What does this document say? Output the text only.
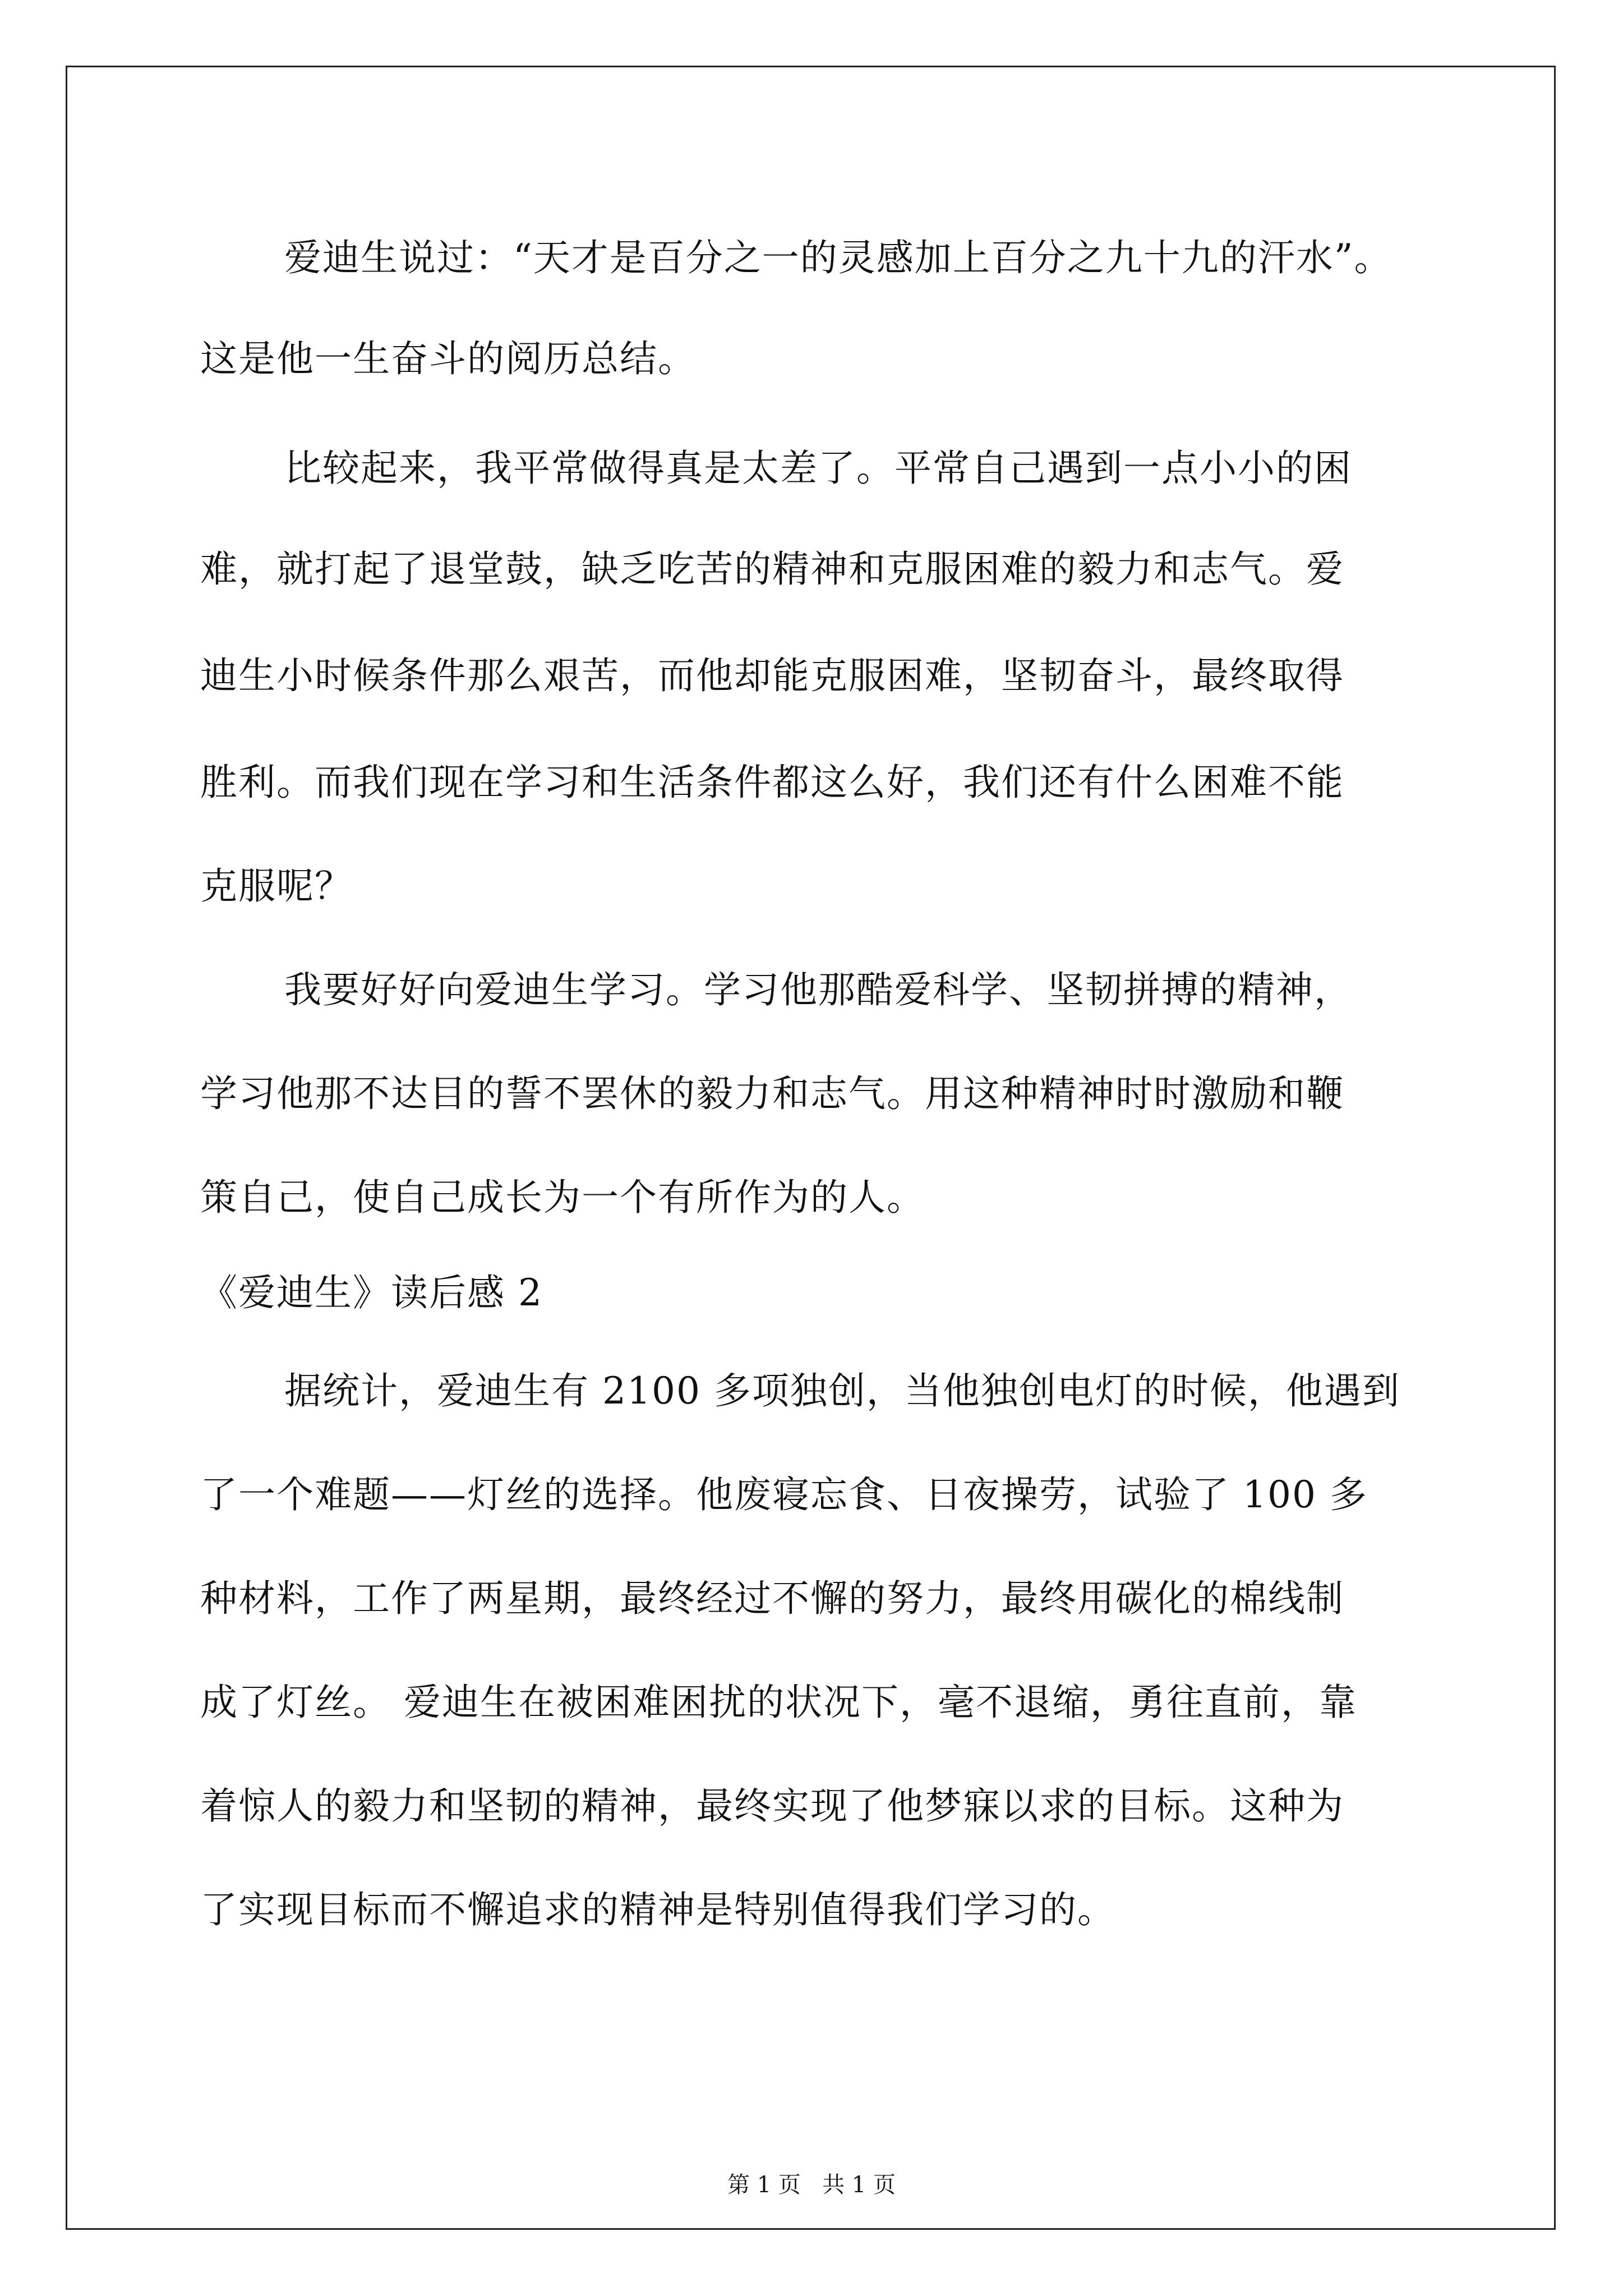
爱迪生说过：“天才是百分之一的灵感加上百分之九十九的汗水”。
这是他一生奋斗的阅历总结。
比较起来，我平常做得真是太差了。平常自己遇到一点小小的困
难，就打起了退堂鼓，缺乏吃苦的精神和克服困难的毅力和志气。爱
迪生小时候条件那么艰苦，而他却能克服困难，坚韧奋斗，最终取得
胜利。而我们现在学习和生活条件都这么好，我们还有什么困难不能
克服呢？
我要好好向爱迪生学习。学习他那酷爱科学、坚韧拼搏的精神，
学习他那不达目的誓不罢休的毅力和志气。用这种精神时时激励和鞭
策自己，使自己成长为一个有所作为的人。
《爱迪生》读后感 2
据统计，爱迪生有 2100 多项独创，当他独创电灯的时候，他遇到
了一个难题——灯丝的选择。他废寝忘食、日夜操劳，试验了 100 多
种材料，工作了两星期，最终经过不懈的努力，最终用碳化的棉线制
成了灯丝。 爱迪生在被困难困扰的状况下，毫不退缩，勇往直前，靠
着惊人的毅力和坚韧的精神，最终实现了他梦寐以求的目标。这种为
了实现目标而不懈追求的精神是特别值得我们学习的。
第 1 页   共 1 页
